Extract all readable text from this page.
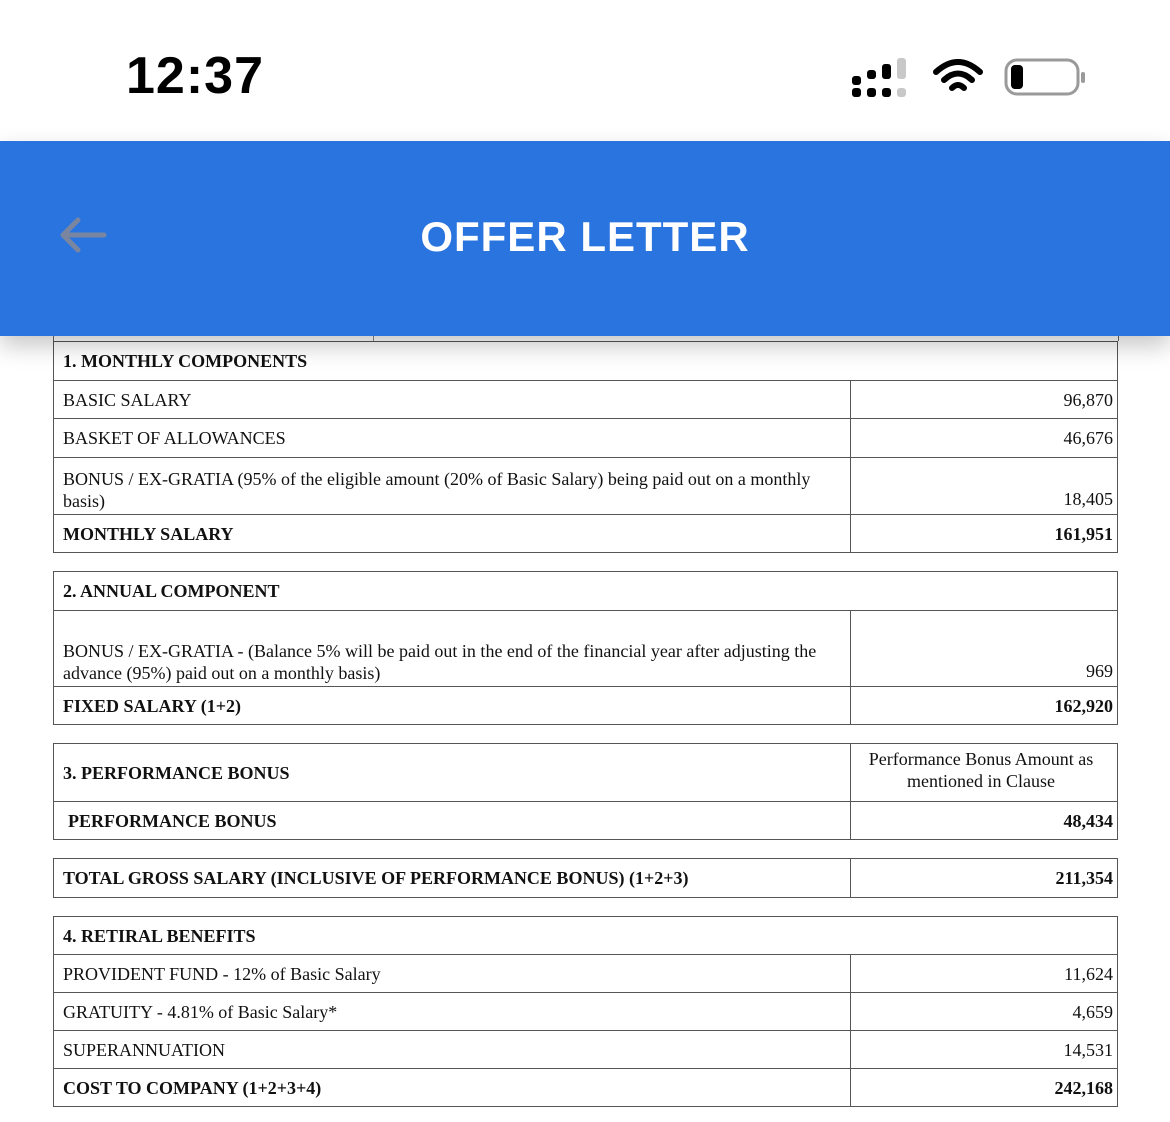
12:37
OFFER LETTER
1. MONTHLY COMPONENTS	
BASIC SALARY	96,870
BASKET OF ALLOWANCES	46,676
BONUS / EX-GRATIA (95% of the eligible amount (20% of Basic Salary) being paid out on a monthly basis)	18,405
MONTHLY SALARY	161,951
2. ANNUAL COMPONENT	
BONUS / EX-GRATIA - (Balance 5% will be paid out in the end of the financial year after adjusting the advance (95%) paid out on a monthly basis)	969
FIXED SALARY (1+2)	162,920
3. PERFORMANCE BONUS	Performance Bonus Amount as mentioned in Clause
PERFORMANCE BONUS	48,434
TOTAL GROSS SALARY (INCLUSIVE OF PERFORMANCE BONUS) (1+2+3)	211,354
4. RETIRAL BENEFITS	
PROVIDENT FUND - 12% of Basic Salary	11,624
GRATUITY - 4.81% of Basic Salary*	4,659
SUPERANNUATION	14,531
COST TO COMPANY (1+2+3+4)	242,168
